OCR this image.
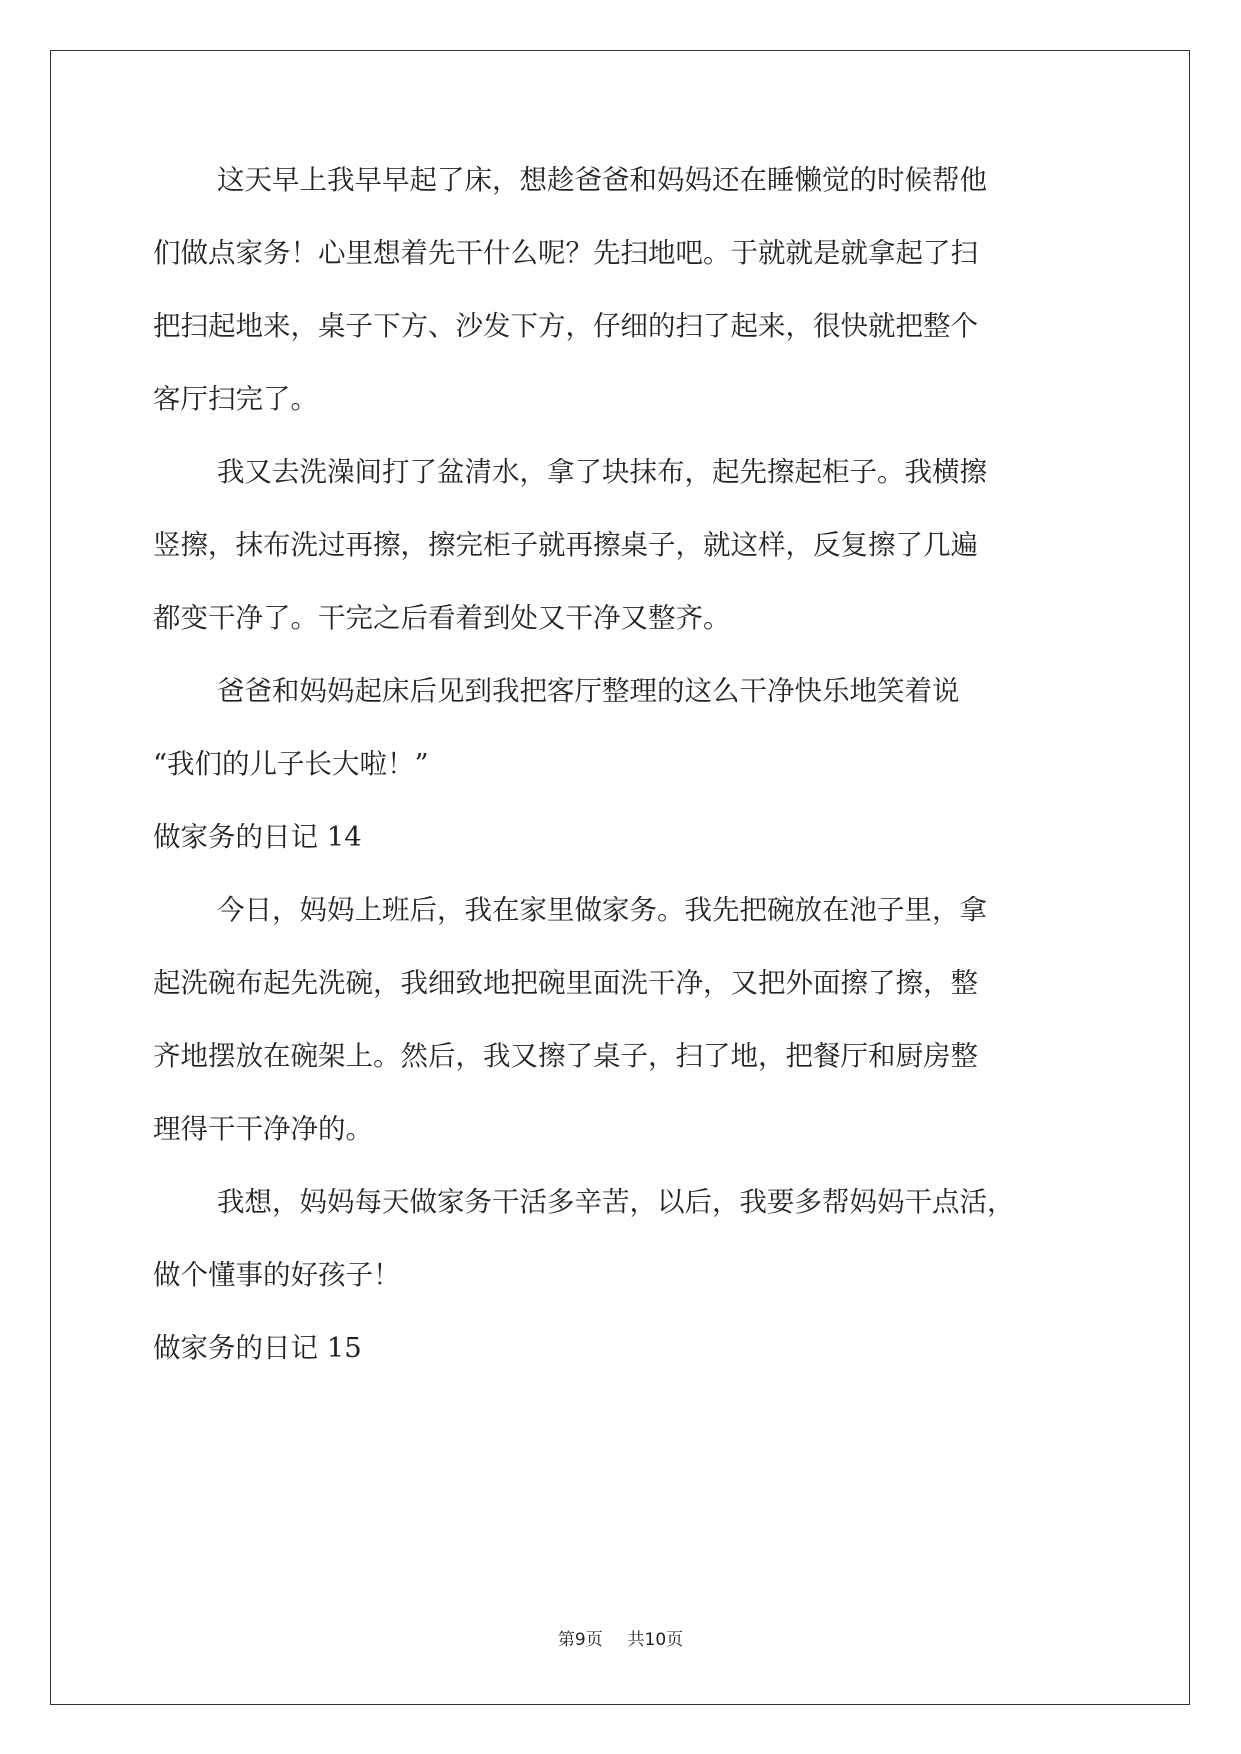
这天早上我早早起了床，想趁爸爸和妈妈还在睡懒觉的时候帮他
们做点家务！心里想着先干什么呢？先扫地吧。于就就是就拿起了扫
把扫起地来，桌子下方、沙发下方，仔细的扫了起来，很快就把整个
客厅扫完了。
我又去洗澡间打了盆清水，拿了块抹布，起先擦起柜子。我横擦
竖擦，抹布洗过再擦，擦完柜子就再擦桌子，就这样，反复擦了几遍
都变干净了。干完之后看着到处又干净又整齐。
爸爸和妈妈起床后见到我把客厅整理的这么干净快乐地笑着说
“我们的儿子长大啦！”
做家务的日记 14
今日，妈妈上班后，我在家里做家务。我先把碗放在池子里，拿
起洗碗布起先洗碗，我细致地把碗里面洗干净，又把外面擦了擦，整
齐地摆放在碗架上。然后，我又擦了桌子，扫了地，把餐厅和厨房整
理得干干净净的。
我想，妈妈每天做家务干活多辛苦，以后，我要多帮妈妈干点活，
做个懂事的好孩子！
做家务的日记 15
第9页 共10页
